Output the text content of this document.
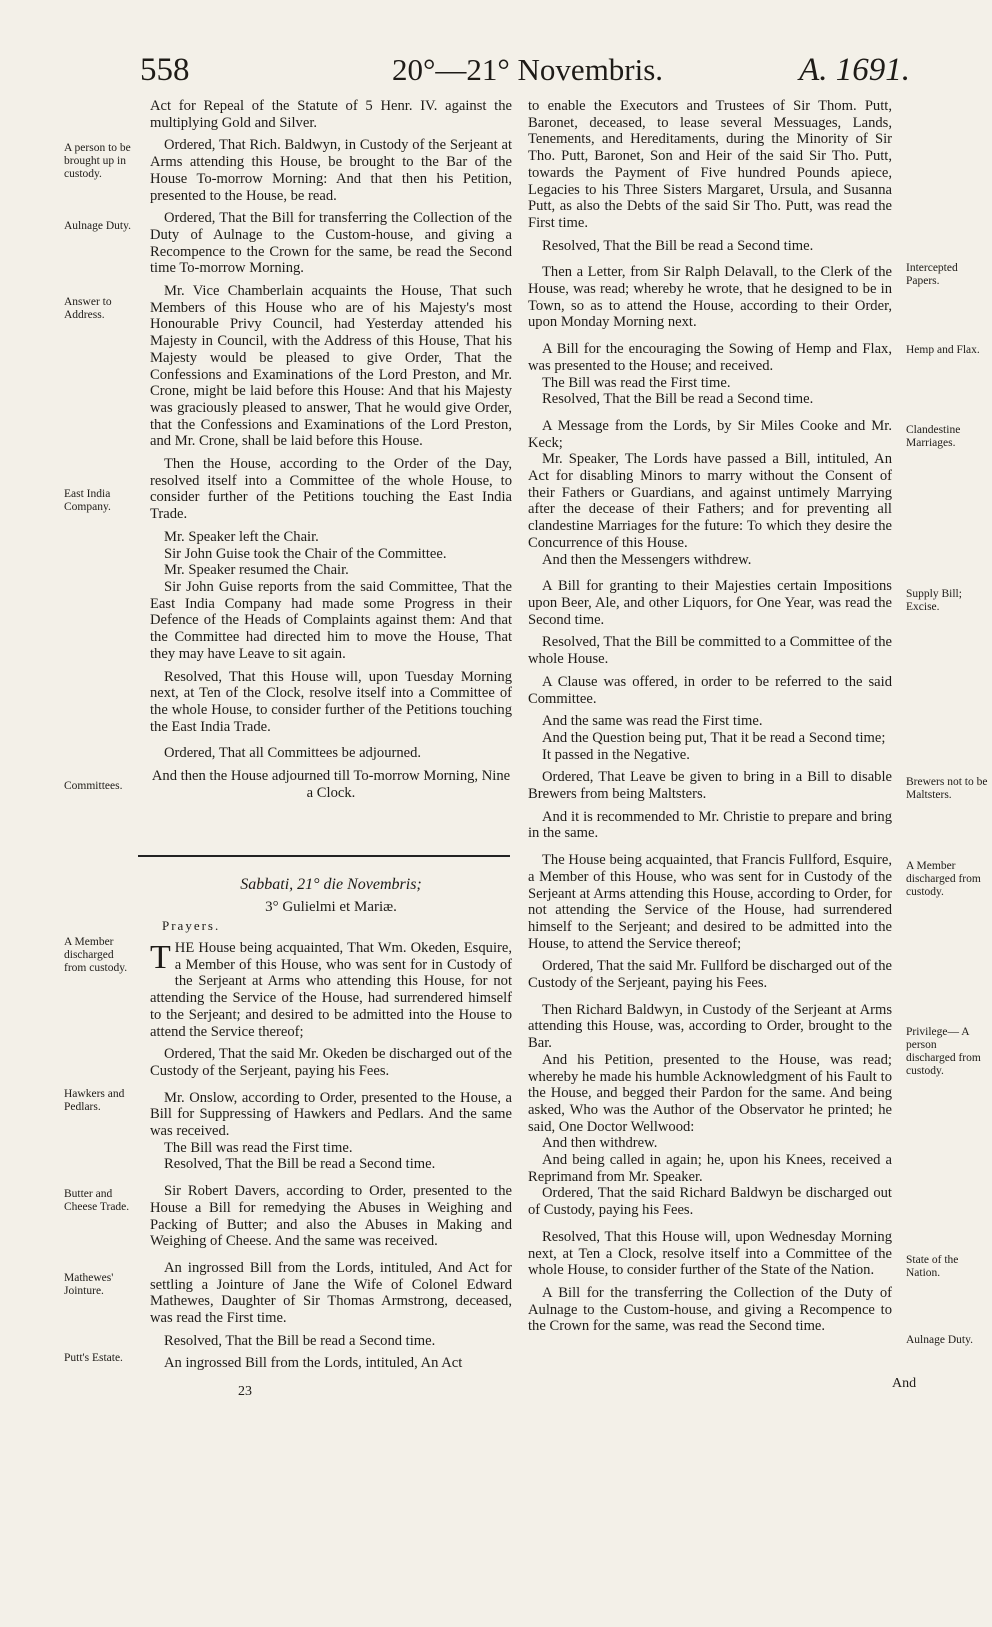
558	20°—21° Novembris.	A. 1691.

Act for Repeal of the Statute of 5 Henr. IV. against the multiplying Gold and Silver.

Ordered, That Rich. Baldwyn, in Custody of the Serjeant at Arms attending this House, be brought to the Bar of the House To-morrow Morning: And that then his Petition, presented to the House, be read.

Ordered, That the Bill for transferring the Collection of the Duty of Aulnage to the Custom-house, and giving a Recompence to the Crown for the same, be read the Second time To-morrow Morning.

Mr. Vice Chamberlain acquaints the House, That such Members of this House who are of his Majesty's most Honourable Privy Council, had Yesterday attended his Majesty in Council, with the Address of this House, That his Majesty would be pleased to give Order, That the Confessions and Examinations of the Lord Preston, and Mr. Crone, might be laid before this House: And that his Majesty was graciously pleased to answer, That he would give Order, that the Confessions and Examinations of the Lord Preston, and Mr. Crone, shall be laid before this House.

Then the House, according to the Order of the Day, resolved itself into a Committee of the whole House, to consider further of the Petitions touching the East India Trade.

Mr. Speaker left the Chair.

Sir John Guise took the Chair of the Committee.

Mr. Speaker resumed the Chair.

Sir John Guise reports from the said Committee, That the East India Company had made some Progress in their Defence of the Heads of Complaints against them: And that the Committee had directed him to move the House, That they may have Leave to sit again.

Resolved, That this House will, upon Tuesday Morning next, at Ten of the Clock, resolve itself into a Committee of the whole House, to consider further of the Petitions touching the East India Trade.

Ordered, That all Committees be adjourned.

And then the House adjourned till To-morrow Morning, Nine a Clock.

Sabbati, 21° die Novembris;
3° Gulielmi et Mariæ.
Prayers.

THE House being acquainted, That Wm. Okeden, Esquire, a Member of this House, who was sent for in Custody of the Serjeant at Arms who attending this House, for not attending the Service of the House, had surrendered himself to the Serjeant; and desired to be admitted into the House to attend the Service thereof;

Ordered, That the said Mr. Okeden be discharged out of the Custody of the Serjeant, paying his Fees.

Mr. Onslow, according to Order, presented to the House, a Bill for Suppressing of Hawkers and Pedlars. And the same was received.

The Bill was read the First time.

Resolved, That the Bill be read a Second time.

Sir Robert Davers, according to Order, presented to the House a Bill for remedying the Abuses in Weighing and Packing of Butter; and also the Abuses in Making and Weighing of Cheese. And the same was received.

An ingrossed Bill from the Lords, intituled, And Act for settling a Jointure of Jane the Wife of Colonel Edward Mathewes, Daughter of Sir Thomas Armstrong, deceased, was read the First time.

Resolved, That the Bill be read a Second time.

An ingrossed Bill from the Lords, intituled, An Act

to enable the Executors and Trustees of Sir Thom. Putt, Baronet, deceased, to lease several Messuages, Lands, Tenements, and Hereditaments, during the Minority of Sir Tho. Putt, Baronet, Son and Heir of the said Sir Tho. Putt, towards the Payment of Five hundred Pounds apiece, Legacies to his Three Sisters Margaret, Ursula, and Susanna Putt, as also the Debts of the said Sir Tho. Putt, was read the First time.

Resolved, That the Bill be read a Second time.

Then a Letter, from Sir Ralph Delavall, to the Clerk of the House, was read; whereby he wrote, that he designed to be in Town, so as to attend the House, according to their Order, upon Monday Morning next.

A Bill for the encouraging the Sowing of Hemp and Flax, was presented to the House; and received.

The Bill was read the First time.

Resolved, That the Bill be read a Second time.

A Message from the Lords, by Sir Miles Cooke and Mr. Keck;

Mr. Speaker, The Lords have passed a Bill, intituled, An Act for disabling Minors to marry without the Consent of their Fathers or Guardians, and against untimely Marrying after the decease of their Fathers; and for preventing all clandestine Marriages for the future: To which they desire the Concurrence of this House.

And then the Messengers withdrew.

A Bill for granting to their Majesties certain Impositions upon Beer, Ale, and other Liquors, for One Year, was read the Second time.

Resolved, That the Bill be committed to a Committee of the whole House.

A Clause was offered, in order to be referred to the said Committee.

And the same was read the First time.

And the Question being put, That it be read a Second time;

It passed in the Negative.

Ordered, That Leave be given to bring in a Bill to disable Brewers from being Maltsters.

And it is recommended to Mr. Christie to prepare and bring in the same.

The House being acquainted, that Francis Fullford, Esquire, a Member of this House, who was sent for in Custody of the Serjeant at Arms attending this House, according to Order, for not attending the Service of the House, had surrendered himself to the Serjeant; and desired to be admitted into the House, to attend the Service thereof;

Ordered, That the said Mr. Fullford be discharged out of the Custody of the Serjeant, paying his Fees.

Then Richard Baldwyn, in Custody of the Serjeant at Arms attending this House, was, according to Order, brought to the Bar.

And his Petition, presented to the House, was read; whereby he made his humble Acknowledgment of his Fault to the House, and begged their Pardon for the same. And being asked, Who was the Author of the Observator he printed; he said, One Doctor Wellwood:

And then withdrew.

And being called in again; he, upon his Knees, received a Reprimand from Mr. Speaker.

Ordered, That the said Richard Baldwyn be discharged out of Custody, paying his Fees.

Resolved, That this House will, upon Wednesday Morning next, at Ten a Clock, resolve itself into a Committee of the whole House, to consider further of the State of the Nation.

A Bill for the transferring the Collection of the Duty of Aulnage to the Custom-house, and giving a Recompence to the Crown for the same, was read the Second time.

A person to be brought up in custody.
Aulnage Duty.
Answer to Address.
East India Company.
Committees.
A Member discharged from custody.
Hawkers and Pedlars.
Butter and Cheese Trade.
Mathewes' Jointure.
Putt's Estate.
Intercepted Papers.
Hemp and Flax.
Clandestine Marriages.
Supply Bill; Excise.
Brewers not to be Maltsters.
A Member discharged from custody.
Privilege— A person discharged from custody.
State of the Nation.
Aulnage Duty.
23
And
